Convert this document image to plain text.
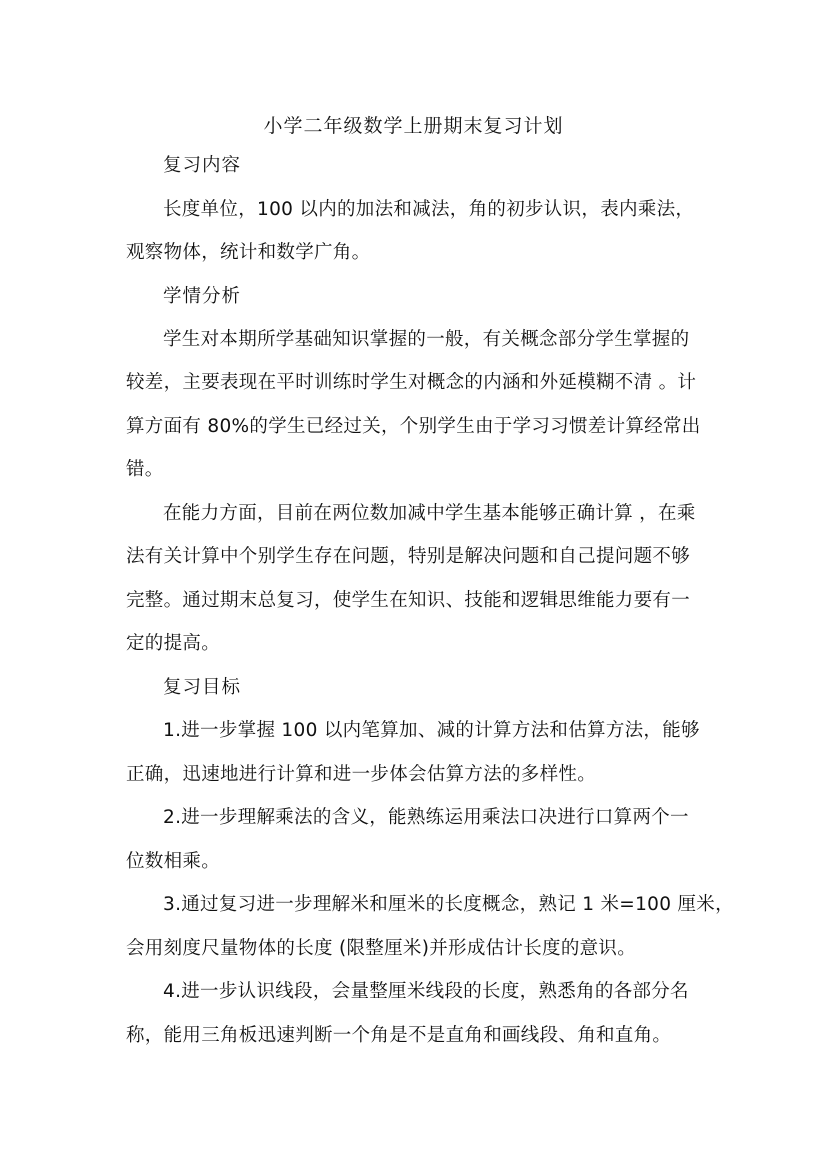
小学二年级数学上册期末复习计划
复习内容
长度单位，100 以内的加法和减法，角的初步认识，表内乘法，
观察物体，统计和数学广角。
学情分析
学生对本期所学基础知识掌握的一般，有关概念部分学生掌握的
较差，主要表现在平时训练时学生对概念的内涵和外延模糊不清 。计
算方面有 80%的学生已经过关，个别学生由于学习习惯差计算经常出
错。
在能力方面，目前在两位数加减中学生基本能够正确计算 ，在乘
法有关计算中个别学生存在问题，特别是解决问题和自己提问题不够
完整。通过期末总复习，使学生在知识、技能和逻辑思维能力要有一
定的提高。
复习目标
1.进一步掌握 100 以内笔算加、减的计算方法和估算方法，能够
正确，迅速地进行计算和进一步体会估算方法的多样性。
2.进一步理解乘法的含义，能熟练运用乘法口决进行口算两个一
位数相乘。
3.通过复习进一步理解米和厘米的长度概念，熟记 1 米=100 厘米，
会用刻度尺量物体的长度 (限整厘米)并形成估计长度的意识。
4.进一步认识线段，会量整厘米线段的长度，熟悉角的各部分名
称，能用三角板迅速判断一个角是不是直角和画线段、角和直角。
